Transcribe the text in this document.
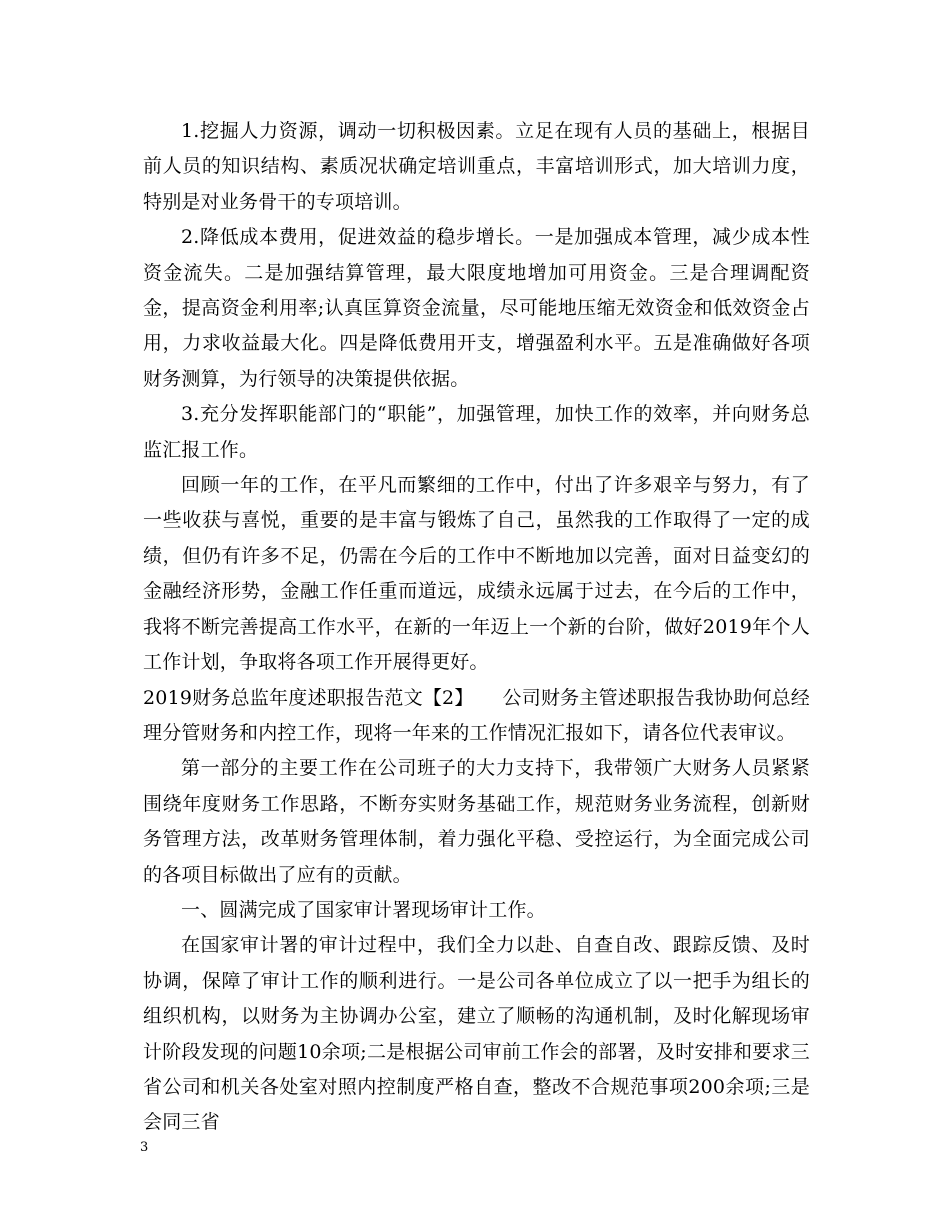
1.挖掘人力资源，调动一切积极因素。立足在现有人员的基础上，根据目前人员的知识结构、素质况状确定培训重点，丰富培训形式，加大培训力度，特别是对业务骨干的专项培训。

2.降低成本费用，促进效益的稳步增长。一是加强成本管理，减少成本性资金流失。二是加强结算管理，最大限度地增加可用资金。三是合理调配资金，提高资金利用率;认真匡算资金流量，尽可能地压缩无效资金和低效资金占用，力求收益最大化。四是降低费用开支，增强盈利水平。五是准确做好各项财务测算，为行领导的决策提供依据。

3.充分发挥职能部门的“职能”，加强管理，加快工作的效率，并向财务总监汇报工作。

回顾一年的工作，在平凡而繁细的工作中，付出了许多艰辛与努力，有了一些收获与喜悦，重要的是丰富与锻炼了自己，虽然我的工作取得了一定的成绩，但仍有许多不足，仍需在今后的工作中不断地加以完善，面对日益变幻的金融经济形势，金融工作任重而道远，成绩永远属于过去，在今后的工作中，我将不断完善提高工作水平，在新的一年迈上一个新的台阶，做好2019年个人工作计划，争取将各项工作开展得更好。

2019财务总监年度述职报告范文【2】　　公司财务主管述职报告我协助何总经理分管财务和内控工作，现将一年来的工作情况汇报如下，请各位代表审议。

第一部分的主要工作在公司班子的大力支持下，我带领广大财务人员紧紧围绕年度财务工作思路，不断夯实财务基础工作，规范财务业务流程，创新财务管理方法，改革财务管理体制，着力强化平稳、受控运行，为全面完成公司的各项目标做出了应有的贡献。

一、圆满完成了国家审计署现场审计工作。

在国家审计署的审计过程中，我们全力以赴、自查自改、跟踪反馈、及时协调，保障了审计工作的顺利进行。一是公司各单位成立了以一把手为组长的组织机构，以财务为主协调办公室，建立了顺畅的沟通机制，及时化解现场审计阶段发现的问题10余项;二是根据公司审前工作会的部署，及时安排和要求三省公司和机关各处室对照内控制度严格自查，整改不合规范事项200余项;三是会同三省

3
